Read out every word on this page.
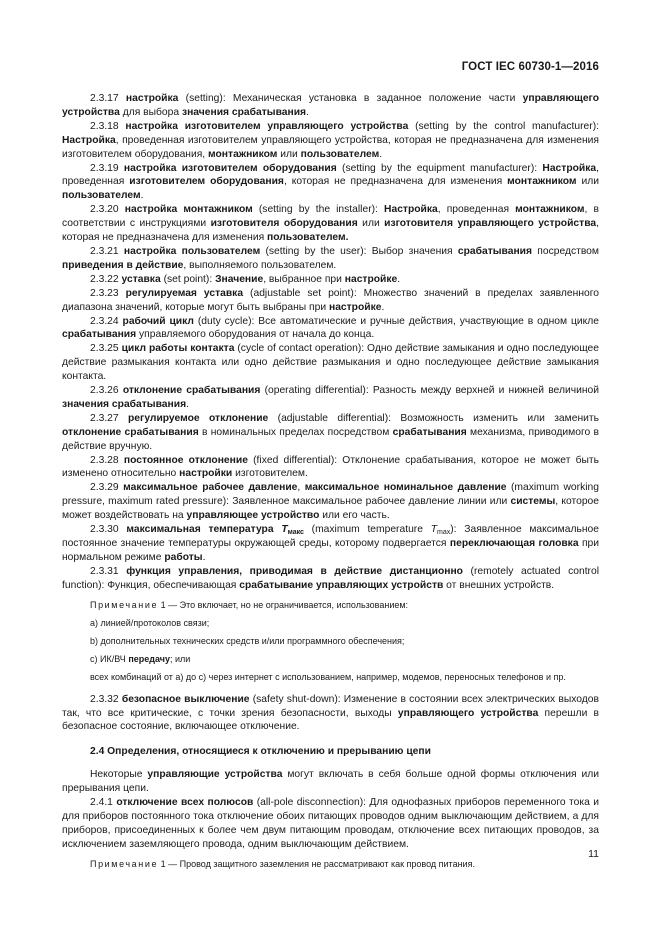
ГОСТ IEC 60730-1—2016

2.3.17 настройка (setting): Механическая установка в заданное положение части управляющего устройства для выбора значения срабатывания.

2.3.18 настройка изготовителем управляющего устройства (setting by the control manufacturer): Настройка, проведенная изготовителем управляющего устройства, которая не предназначена для изменения изготовителем оборудования, монтажником или пользователем.

2.3.19 настройка изготовителем оборудования (setting by the equipment manufacturer): Настройка, проведенная изготовителем оборудования, которая не предназначена для изменения монтажником или пользователем.

2.3.20 настройка монтажником (setting by the installer): Настройка, проведенная монтажником, в соответствии с инструкциями изготовителя оборудования или изготовителя управляющего устройства, которая не предназначена для изменения пользователем.

2.3.21 настройка пользователем (setting by the user): Выбор значения срабатывания посредством приведения в действие, выполняемого пользователем.

2.3.22 уставка (set point): Значение, выбранное при настройке.

2.3.23 регулируемая уставка (adjustable set point): Множество значений в пределах заявленного диапазона значений, которые могут быть выбраны при настройке.

2.3.24 рабочий цикл (duty cycle): Все автоматические и ручные действия, участвующие в одном цикле срабатывания управляемого оборудования от начала до конца.

2.3.25 цикл работы контакта (cycle of contact operation): Одно действие замыкания и одно последующее действие размыкания контакта или одно действие размыкания и одно последующее действие замыкания контакта.

2.3.26 отклонение срабатывания (operating differential): Разность между верхней и нижней величиной значения срабатывания.

2.3.27 регулируемое отклонение (adjustable differential): Возможность изменить или заменить отклонение срабатывания в номинальных пределах посредством срабатывания механизма, приводимого в действие вручную.

2.3.28 постоянное отклонение (fixed differential): Отклонение срабатывания, которое не может быть изменено относительно настройки изготовителем.

2.3.29 максимальное рабочее давление, максимальное номинальное давление (maximum working pressure, maximum rated pressure): Заявленное максимальное рабочее давление линии или системы, которое может воздействовать на управляющее устройство или его часть.

2.3.30 максимальная температура $T_{макс}$ (maximum temperature $T_{max}$): Заявленное максимальное постоянное значение температуры окружающей среды, которому подвергается переключающая головка при нормальном режиме работы.

2.3.31 функция управления, приводимая в действие дистанционно (remotely actuated control function): Функция, обеспечивающая срабатывание управляющих устройств от внешних устройств.

Примечание 1 — Это включает, но не ограничивается, использованием:

а) линией/протоколов связи;

b) дополнительных технических средств и/или программного обеспечения;

с) ИК/ВЧ передачу; или

всех комбинаций от а) до с) через интернет с использованием, например, модемов, переносных телефонов и пр.

2.3.32 безопасное выключение (safety shut-down): Изменение в состоянии всех электрических выходов так, что все критические, с точки зрения безопасности, выходы управляющего устройства перешли в безопасное состояние, включающее отключение.

2.4 Определения, относящиеся к отключению и прерыванию цепи

Некоторые управляющие устройства могут включать в себя больше одной формы отключения или прерывания цепи.

2.4.1 отключение всех полюсов (all-pole disconnection): Для однофазных приборов переменного тока и для приборов постоянного тока отключение обоих питающих проводов одним выключающим действием, а для приборов, присоединенных к более чем двум питающим проводам, отключение всех питающих проводов, за исключением заземляющего провода, одним выключающим действием.

Примечание 1 — Провод защитного заземления не рассматривают как провод питания.

11
